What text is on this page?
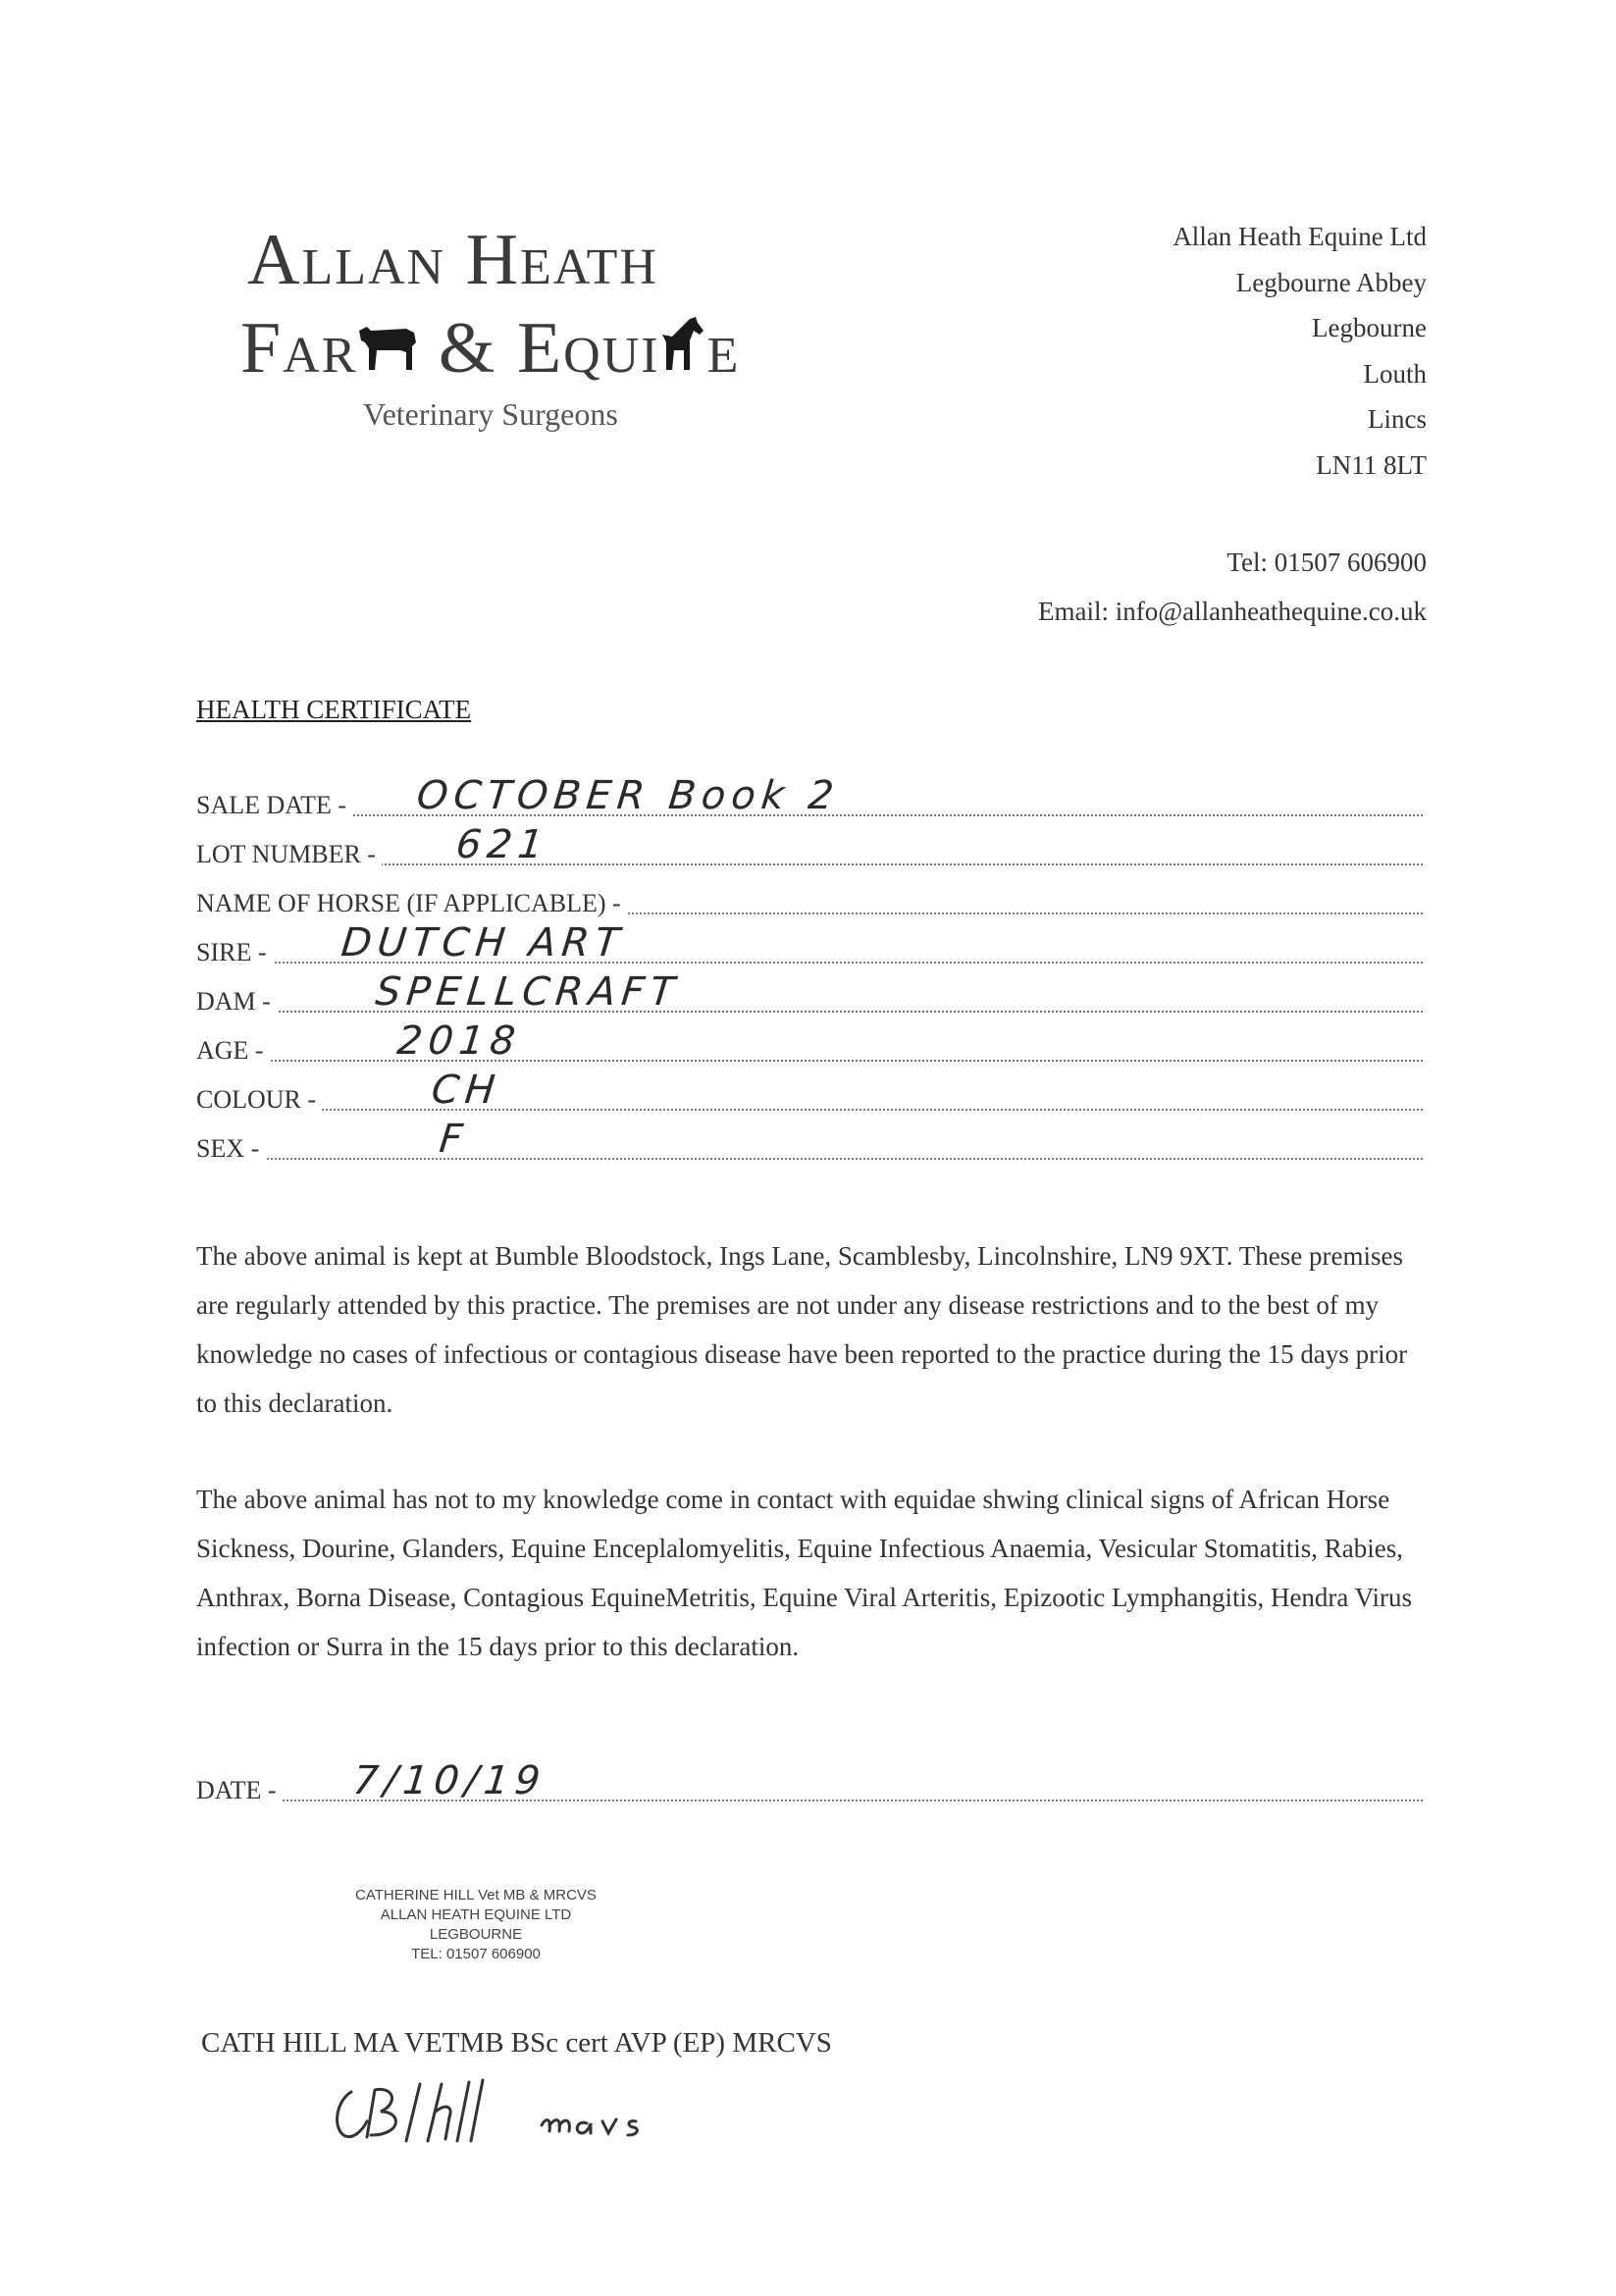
Allan Heath
Far & Equi e
Veterinary Surgeons
Allan Heath Equine Ltd
Legbourne Abbey
Legbourne
Louth
Lincs
LN11 8LT
Tel: 01507 606900
Email: info@allanheathequine.co.uk
HEALTH CERTIFICATE
SALE DATE - OCTOBER Book 2
LOT NUMBER - 621
NAME OF HORSE (IF APPLICABLE) -
SIRE - DUTCH ART
DAM -	SPELLCRAFT
AGE -	2018
COLOUR -	CH
SEX -	F
The above animal is kept at Bumble Bloodstock, Ings Lane, Scamblesby, Lincolnshire, LN9 9XT. These premises are regularly attended by this practice. The premises are not under any disease restrictions and to the best of my knowledge no cases of infectious or contagious disease have been reported to the practice during the 15 days prior to this declaration.
The above animal has not to my knowledge come in contact with equidae shwing clinical signs of African Horse Sickness, Dourine, Glanders, Equine Enceplalomyelitis, Equine Infectious Anaemia, Vesicular Stomatitis, Rabies, Anthrax, Borna Disease, Contagious EquineMetritis, Equine Viral Arteritis, Epizootic Lymphangitis, Hendra Virus infection or Surra in the 15 days prior to this declaration.
DATE - 7/10/19
CATHERINE HILL Vet MB & MRCVS
ALLAN HEATH EQUINE LTD
LEGBOURNE
TEL: 01507 606900
CATH HILL MA VETMB BSc cert AVP (EP) MRCVS
